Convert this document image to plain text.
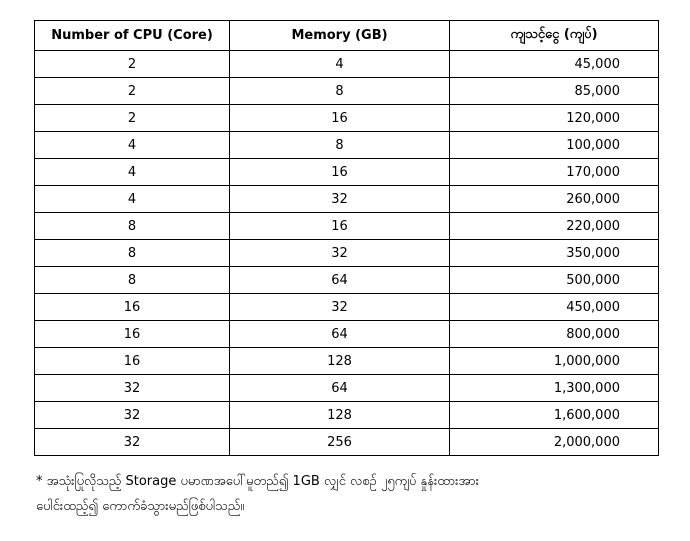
Number of CPU (Core)	Memory (GB)	ကျသင့်ငွေ (ကျပ်)
2	4	45,000
2	8	85,000
2	16	120,000
4	8	100,000
4	16	170,000
4	32	260,000
8	16	220,000
8	32	350,000
8	64	500,000
16	32	450,000
16	64	800,000
16	128	1,000,000
32	64	1,300,000
32	128	1,600,000
32	256	2,000,000
* အသုံးပြုလိုသည့် Storage ပမာဏအပေါ်မူတည်၍ 1GB လျှင် လစဉ် ၂၅ကျပ် နှုန်းထားအား
ပေါင်းထည့်၍ ကောက်ခံသွားမည်ဖြစ်ပါသည်။
